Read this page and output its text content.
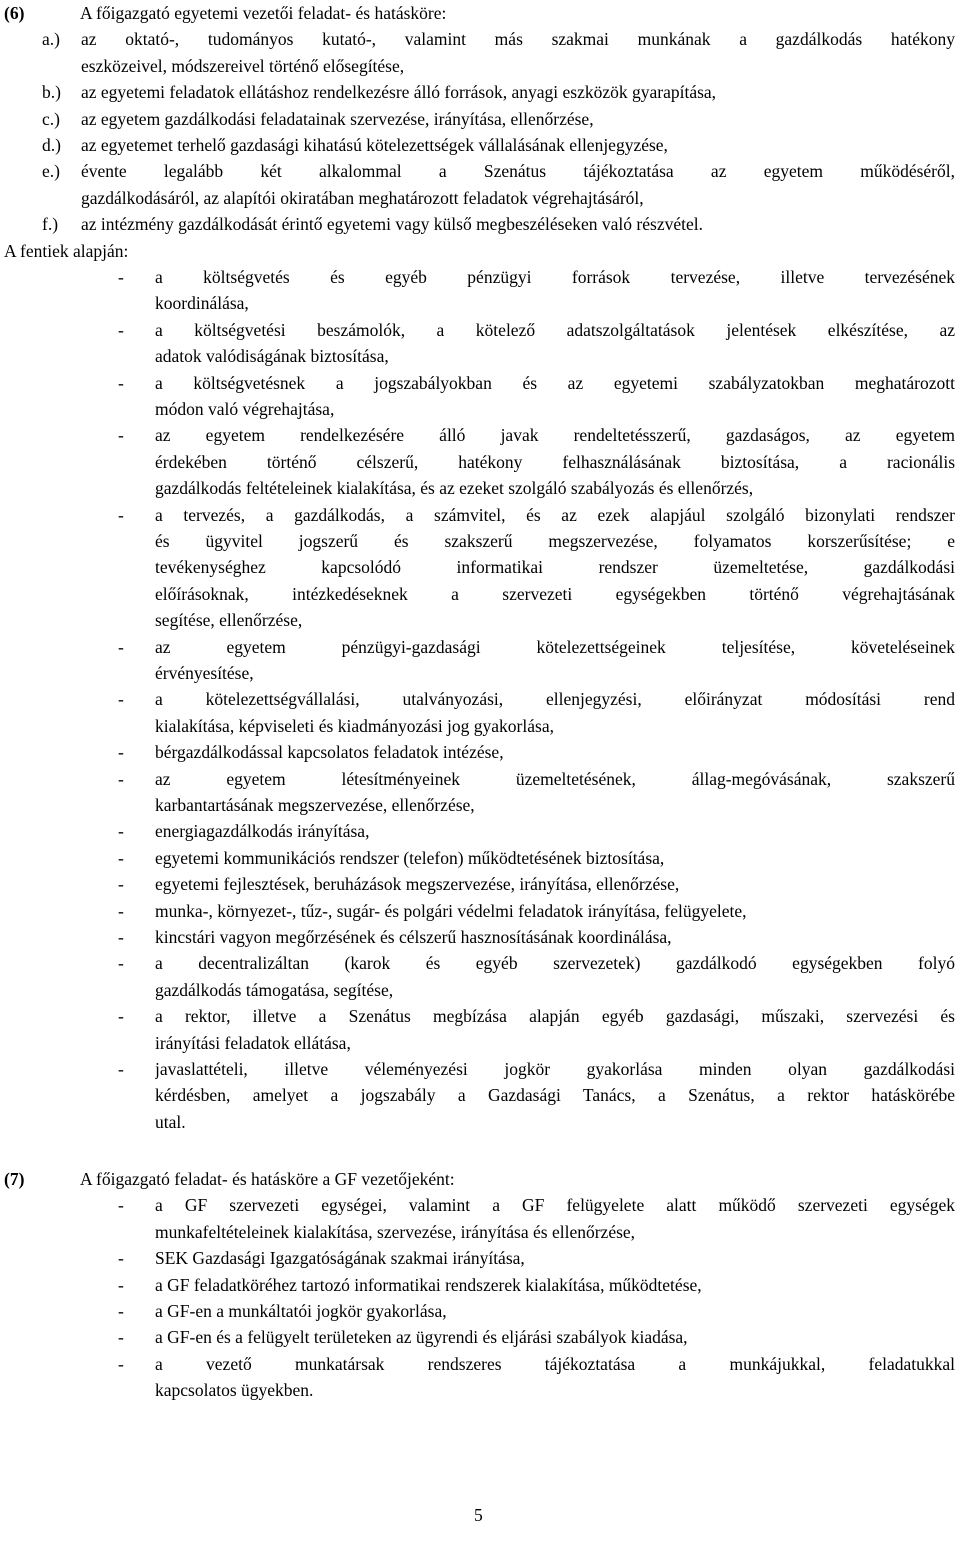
(6)	A főigazgató egyetemi vezetői feladat- és hatásköre:
a.) az oktató-, tudományos kutató-, valamint más szakmai munkának a gazdálkodás hatékony
eszközeivel, módszereivel történő elősegítése,
b.) az egyetemi feladatok ellátáshoz rendelkezésre álló források, anyagi eszközök gyarapítása,
c.) az egyetem gazdálkodási feladatainak szervezése, irányítása, ellenőrzése,
d.) az egyetemet terhelő gazdasági kihatású kötelezettségek vállalásának ellenjegyzése,
e.) évente legalább két alkalommal a Szenátus tájékoztatása az egyetem működéséről,
gazdálkodásáról, az alapítói okiratában meghatározott feladatok végrehajtásáról,
f.) az intézmény gazdálkodását érintő egyetemi vagy külső megbeszéléseken való részvétel.
A fentiek alapján:
- a költségvetés és egyéb pénzügyi források tervezése, illetve tervezésének
koordinálása,
- a költségvetési beszámolók, a kötelező adatszolgáltatások jelentések elkészítése, az
adatok valódiságának biztosítása,
- a költségvetésnek a jogszabályokban és az egyetemi szabályzatokban meghatározott
módon való végrehajtása,
- az egyetem rendelkezésére álló javak rendeltetésszerű, gazdaságos, az egyetem
érdekében történő célszerű, hatékony felhasználásának biztosítása, a racionális
gazdálkodás feltételeinek kialakítása, és az ezeket szolgáló szabályozás és ellenőrzés,
- a tervezés, a gazdálkodás, a számvitel, és az ezek alapjául szolgáló bizonylati rendszer
és ügyvitel jogszerű és szakszerű megszervezése, folyamatos korszerűsítése; e
tevékenységhez kapcsolódó informatikai rendszer üzemeltetése, gazdálkodási
előírásoknak, intézkedéseknek a szervezeti egységekben történő végrehajtásának
segítése, ellenőrzése,
- az egyetem pénzügyi-gazdasági kötelezettségeinek teljesítése, követeléseinek
érvényesítése,
- a kötelezettségvállalási, utalványozási, ellenjegyzési, előirányzat módosítási rend
kialakítása, képviseleti és kiadmányozási jog gyakorlása,
- bérgazdálkodással kapcsolatos feladatok intézése,
- az egyetem létesítményeinek üzemeltetésének, állag-megóvásának, szakszerű
karbantartásának megszervezése, ellenőrzése,
- energiagazdálkodás irányítása,
- egyetemi kommunikációs rendszer (telefon) működtetésének biztosítása,
- egyetemi fejlesztések, beruházások megszervezése, irányítása, ellenőrzése,
- munka-, környezet-, tűz-, sugár- és polgári védelmi feladatok irányítása, felügyelete,
- kincstári vagyon megőrzésének és célszerű hasznosításának koordinálása,
- a decentralizáltan (karok és egyéb szervezetek) gazdálkodó egységekben folyó
gazdálkodás támogatása, segítése,
- a rektor, illetve a Szenátus megbízása alapján egyéb gazdasági, műszaki, szervezési és
irányítási feladatok ellátása,
- javaslattételi, illetve véleményezési jogkör gyakorlása minden olyan gazdálkodási
kérdésben, amelyet a jogszabály a Gazdasági Tanács, a Szenátus, a rektor hatáskörébe
utal.
(7)	A főigazgató feladat- és hatásköre a GF vezetőjeként:
- a GF szervezeti egységei, valamint a GF felügyelete alatt működő szervezeti egységek
munkafeltételeinek kialakítása, szervezése, irányítása és ellenőrzése,
- SEK Gazdasági Igazgatóságának szakmai irányítása,
- a GF feladatköréhez tartozó informatikai rendszerek kialakítása, működtetése,
- a GF-en a munkáltatói jogkör gyakorlása,
- a GF-en és a felügyelt területeken az ügyrendi és eljárási szabályok kiadása,
- a vezető munkatársak rendszeres tájékoztatása a munkájukkal, feladatukkal
kapcsolatos ügyekben.
5
